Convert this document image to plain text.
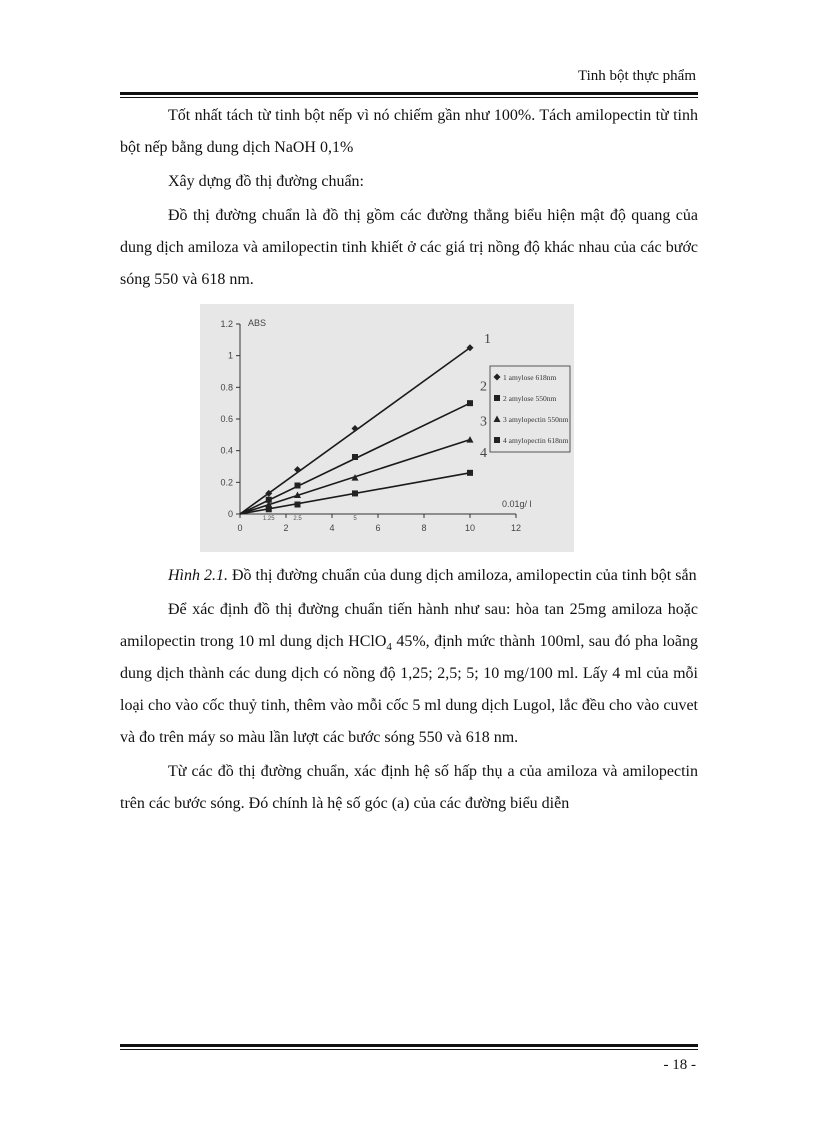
Tinh bột thực phẩm

Tốt nhất tách từ tinh bột nếp vì nó chiếm gần như 100%. Tách amilopectin từ tinh bột nếp bằng dung dịch NaOH 0,1%

Xây dựng đồ thị đường chuẩn:

Đồ thị đường chuẩn là đồ thị gồm các đường thẳng biểu hiện mật độ quang của dung dịch amiloza và amilopectin tinh khiết ở các giá trị nồng độ khác nhau của các bước sóng 550 và 618 nm.

0	2	4	6	8	10	12
0
0.2
0.4
0.6
0.8
1
1.2
1.25	2.5	5
ABS
0.01g/ l
1
2
3
4
1 amylose 618nm
2 amylose 550nm
3 amylopectin 550nm
4 amylopectin 618nm

Hình 2.1. Đồ thị đường chuẩn của dung dịch amiloza, amilopectin của tinh bột sắn

Để xác định đồ thị đường chuẩn tiến hành như sau: hòa tan 25mg amiloza hoặc amilopectin trong 10 ml dung dịch HClO$_4$ 45%, định mức thành 100ml, sau đó pha loãng dung dịch thành các dung dịch có nồng độ 1,25; 2,5; 5; 10 mg/100 ml. Lấy 4 ml của mỗi loại cho vào cốc thuỷ tinh, thêm vào mỗi cốc 5 ml dung dịch Lugol, lắc đều cho vào cuvet và đo trên máy so màu lần lượt các bước sóng 550 và 618 nm.

Từ các đồ thị đường chuẩn, xác định hệ số hấp thụ a của amiloza và amilopectin trên các bước sóng. Đó chính là hệ số góc (a) của các đường biểu diễn

- 18 -
